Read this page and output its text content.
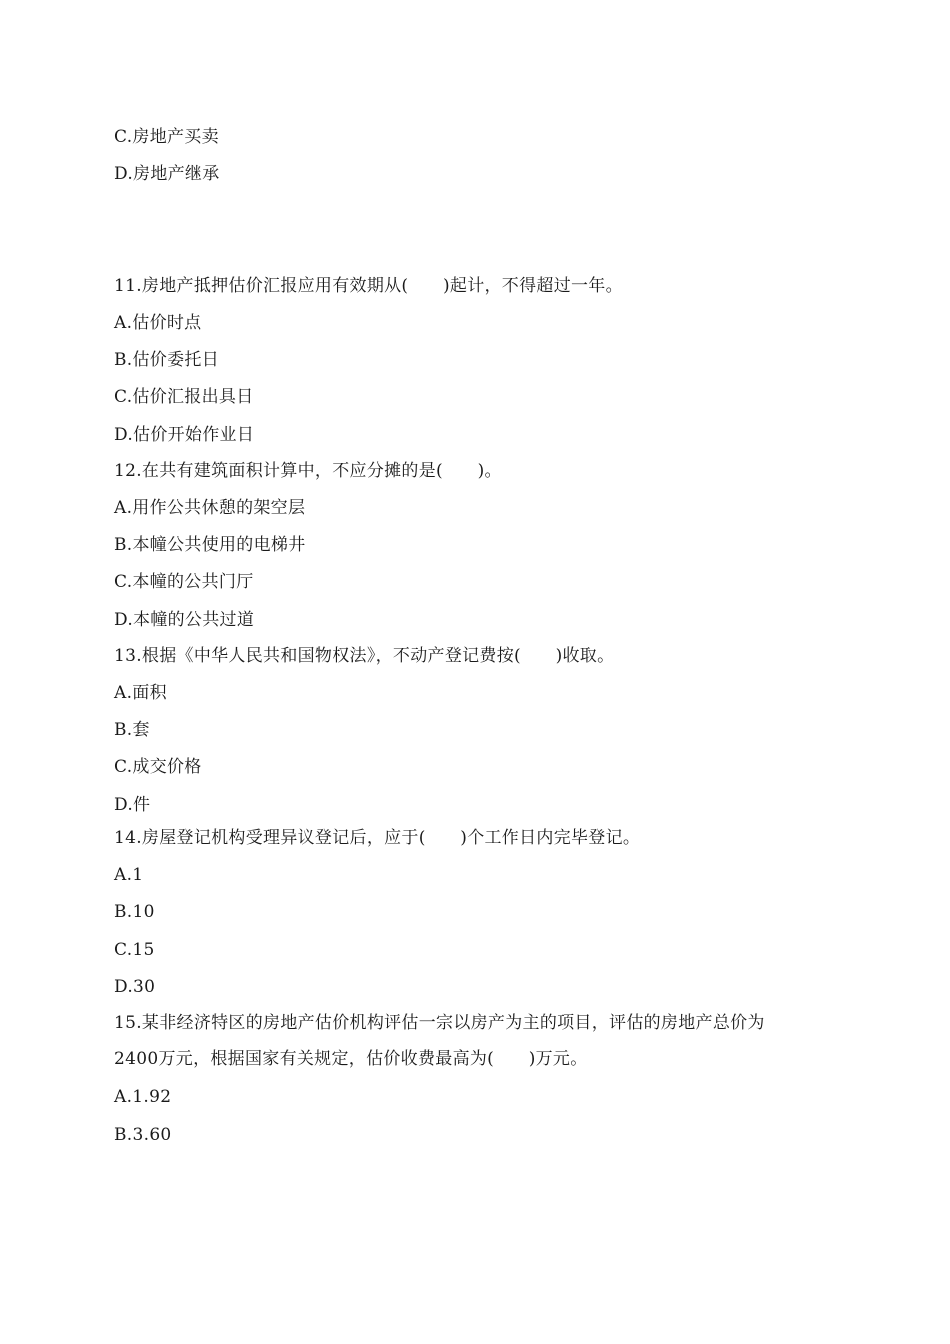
C.房地产买卖
D.房地产继承
11.房地产抵押估价汇报应用有效期从(　　)起计，不得超过一年。
A.估价时点
B.估价委托日
C.估价汇报出具日
D.估价开始作业日
12.在共有建筑面积计算中，不应分摊的是(　　)。
A.用作公共休憩的架空层
B.本幢公共使用的电梯井
C.本幢的公共门厅
D.本幢的公共过道
13.根据《中华人民共和国物权法》，不动产登记费按(　　)收取。
A.面积
B.套
C.成交价格
D.件
14.房屋登记机构受理异议登记后，应于(　　)个工作日内完毕登记。
A.1
B.10
C.15
D.30
15.某非经济特区的房地产估价机构评估一宗以房产为主的项目，评估的房地产总价为
2400万元，根据国家有关规定，估价收费最高为(　　)万元。
A.1.92
B.3.60
